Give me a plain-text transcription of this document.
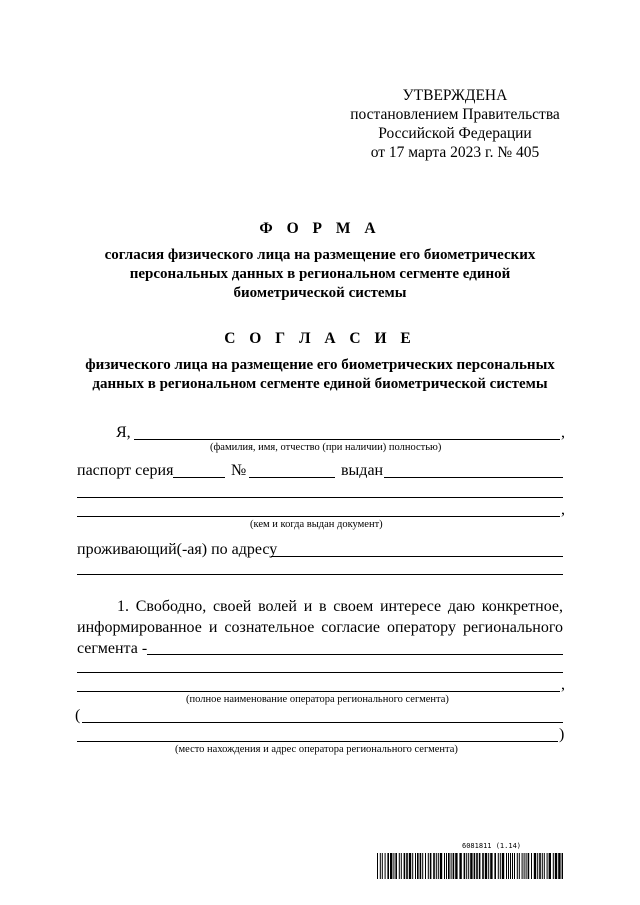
УТВЕРЖДЕНА
постановлением Правительства
Российской Федерации
от 17 марта 2023 г. № 405
Ф О Р М А
согласия физического лица на размещение его биометрических
персональных данных в региональном сегменте единой
биометрической системы
С О Г Л А С И Е
физического лица на размещение его биометрических персональных
данных в региональном сегменте единой биометрической системы
Я,	,
(фамилия, имя, отчество (при наличии) полностью)
паспорт серия	№	выдан
,
(кем и когда выдан документ)
проживающий(-ая) по адресу
1. Свободно, своей волей и в своем интересе даю конкретное,
информированное и сознательное согласие оператору регионального
сегмента -
,
(полное наименование оператора регионального сегмента)
(
)
(место нахождения и адрес оператора регионального сегмента)
6081811 (1.14)
